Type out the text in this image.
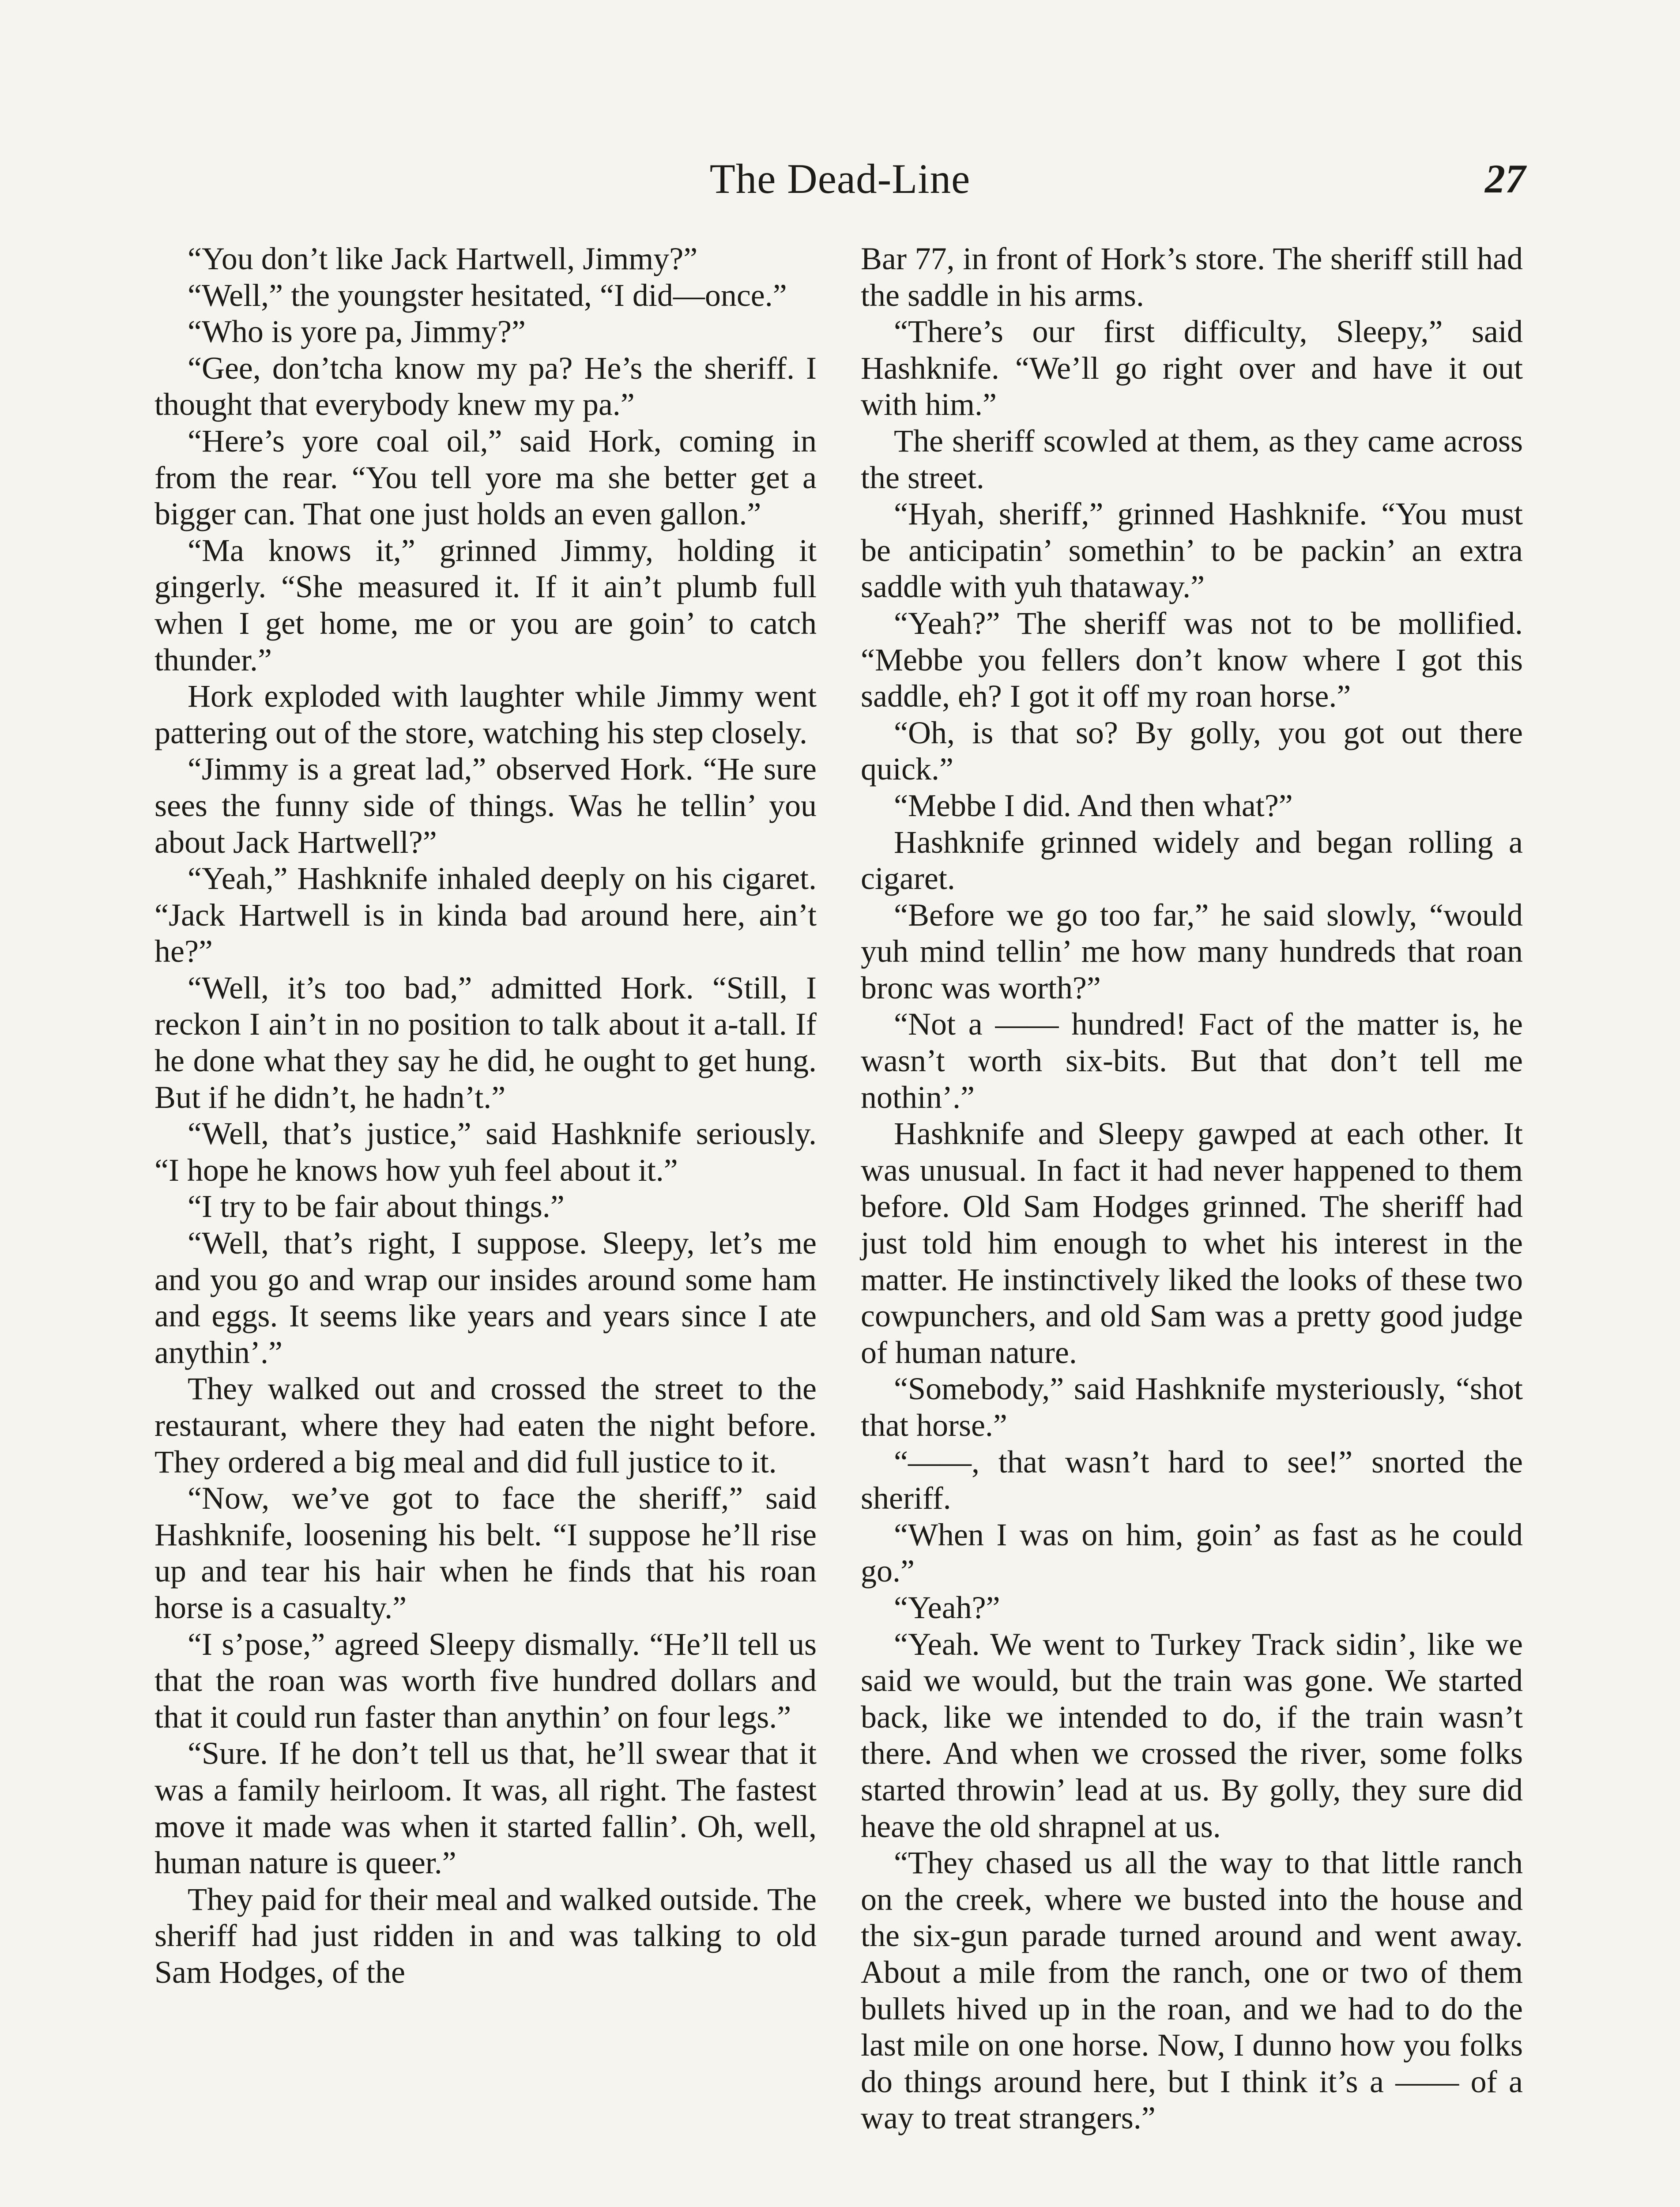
The Dead-Line	27

“You don’t like Jack Hartwell, Jimmy?”

“Well,” the youngster hesitated, “I did—once.”

“Who is yore pa, Jimmy?”

“Gee, don’tcha know my pa? He’s the sheriff. I thought that everybody knew my pa.”

“Here’s yore coal oil,” said Hork, coming in from the rear. “You tell yore ma she better get a bigger can. That one just holds an even gallon.”

“Ma knows it,” grinned Jimmy, holding it gingerly. “She measured it. If it ain’t plumb full when I get home, me or you are goin’ to catch thunder.”

Hork exploded with laughter while Jimmy went pattering out of the store, watching his step closely.

“Jimmy is a great lad,” observed Hork. “He sure sees the funny side of things. Was he tellin’ you about Jack Hartwell?”

“Yeah,” Hashknife inhaled deeply on his cigaret. “Jack Hartwell is in kinda bad around here, ain’t he?”

“Well, it’s too bad,” admitted Hork. “Still, I reckon I ain’t in no position to talk about it a-tall. If he done what they say he did, he ought to get hung. But if he didn’t, he hadn’t.”

“Well, that’s justice,” said Hashknife seriously. “I hope he knows how yuh feel about it.”

“I try to be fair about things.”

“Well, that’s right, I suppose. Sleepy, let’s me and you go and wrap our insides around some ham and eggs. It seems like years and years since I ate anythin’.”

They walked out and crossed the street to the restaurant, where they had eaten the night before. They ordered a big meal and did full justice to it.

“Now, we’ve got to face the sheriff,” said Hashknife, loosening his belt. “I suppose he’ll rise up and tear his hair when he finds that his roan horse is a casualty.”

“I s’pose,” agreed Sleepy dismally. “He’ll tell us that the roan was worth five hundred dollars and that it could run faster than anythin’ on four legs.”

“Sure. If he don’t tell us that, he’ll swear that it was a family heirloom. It was, all right. The fastest move it made was when it started fallin’. Oh, well, human nature is queer.”

They paid for their meal and walked outside. The sheriff had just ridden in and was talking to old Sam Hodges, of the

Bar 77, in front of Hork’s store. The sheriff still had the saddle in his arms.

“There’s our first difficulty, Sleepy,” said Hashknife. “We’ll go right over and have it out with him.”

The sheriff scowled at them, as they came across the street.

“Hyah, sheriff,” grinned Hashknife. “You must be anticipatin’ somethin’ to be packin’ an extra saddle with yuh thataway.”

“Yeah?” The sheriff was not to be mollified. “Mebbe you fellers don’t know where I got this saddle, eh? I got it off my roan horse.”

“Oh, is that so? By golly, you got out there quick.”

“Mebbe I did. And then what?”

Hashknife grinned widely and began rolling a cigaret.

“Before we go too far,” he said slowly, “would yuh mind tellin’ me how many hundreds that roan bronc was worth?”

“Not a —— hundred! Fact of the matter is, he wasn’t worth six-bits. But that don’t tell me nothin’.”

Hashknife and Sleepy gawped at each other. It was unusual. In fact it had never happened to them before. Old Sam Hodges grinned. The sheriff had just told him enough to whet his interest in the matter. He instinctively liked the looks of these two cowpunchers, and old Sam was a pretty good judge of human nature.

“Somebody,” said Hashknife mysteriously, “shot that horse.”

“——, that wasn’t hard to see!” snorted the sheriff.

“When I was on him, goin’ as fast as he could go.”

“Yeah?”

“Yeah. We went to Turkey Track sidin’, like we said we would, but the train was gone. We started back, like we intended to do, if the train wasn’t there. And when we crossed the river, some folks started throwin’ lead at us. By golly, they sure did heave the old shrapnel at us.

“They chased us all the way to that little ranch on the creek, where we busted into the house and the six-gun parade turned around and went away. About a mile from the ranch, one or two of them bullets hived up in the roan, and we had to do the last mile on one horse. Now, I dunno how you folks do things around here, but I think it’s a —— of a way to treat strangers.”
